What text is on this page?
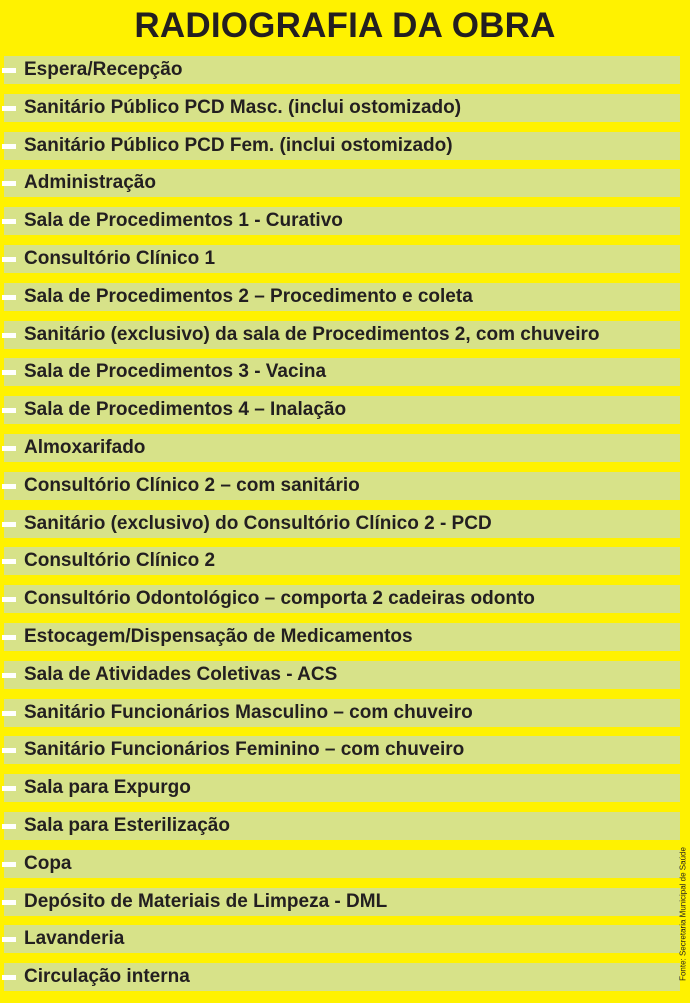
RADIOGRAFIA DA OBRA
Espera/Recepção
Sanitário Público PCD Masc. (inclui ostomizado)
Sanitário Público PCD Fem. (inclui ostomizado)
Administração
Sala de Procedimentos 1 - Curativo
Consultório Clínico 1
Sala de Procedimentos 2 – Procedimento e coleta
Sanitário (exclusivo) da sala de Procedimentos 2, com chuveiro
Sala de Procedimentos 3 - Vacina
Sala de Procedimentos 4 – Inalação
Almoxarifado
Consultório Clínico 2 – com sanitário
Sanitário (exclusivo) do Consultório Clínico 2 - PCD
Consultório Clínico 2
Consultório Odontológico – comporta 2 cadeiras odonto
Estocagem/Dispensação de Medicamentos
Sala de Atividades Coletivas - ACS
Sanitário Funcionários Masculino – com chuveiro
Sanitário Funcionários Feminino – com chuveiro
Sala para Expurgo
Sala para Esterilização
Copa
Depósito de Materiais de Limpeza - DML
Lavanderia
Circulação interna	Fonte: Secretaria Municipal de Saúde
